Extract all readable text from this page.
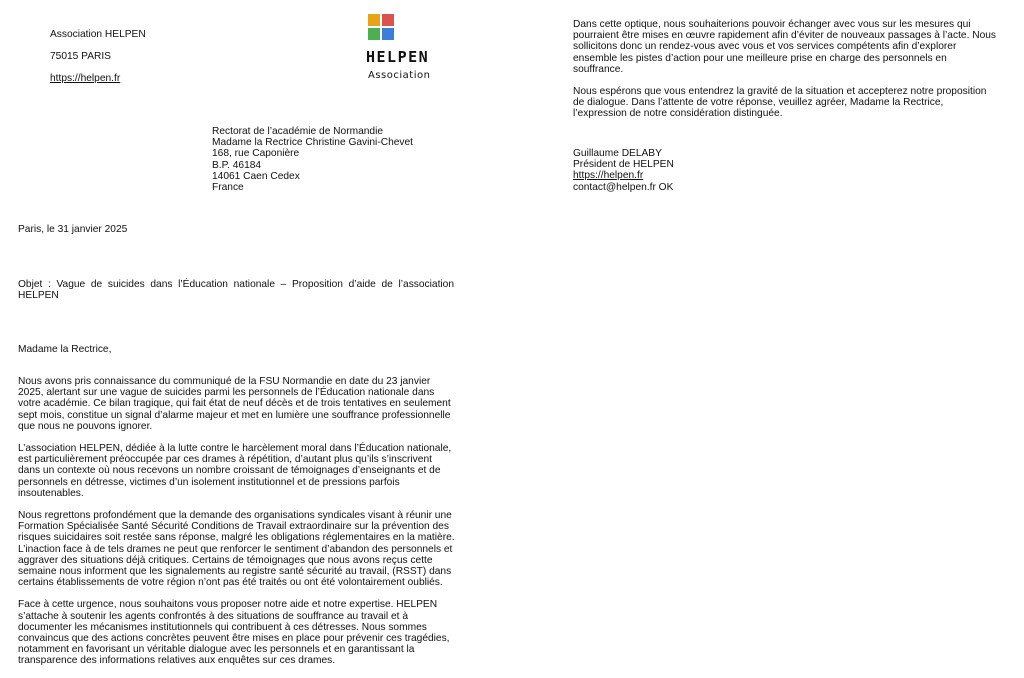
Association HELPEN
75015 PARIS
https://helpen.fr
HELPEN
Association
Rectorat de l’académie de Normandie
Madame la Rectrice Christine Gavini-Chevet
168, rue Caponière
B.P. 46184
14061 Caen Cedex
France
Paris, le 31 janvier 2025
Objet : Vague de suicides dans l’Éducation nationale – Proposition d’aide de l’association HELPEN
Madame la Rectrice,

Nous avons pris connaissance du communiqué de la FSU Normandie en date du 23 janvier 2025, alertant sur une vague de suicides parmi les personnels de l’Éducation nationale dans votre académie. Ce bilan tragique, qui fait état de neuf décès et de trois tentatives en seulement sept mois, constitue un signal d’alarme majeur et met en lumière une souffrance professionnelle que nous ne pouvons ignorer.

L’association HELPEN, dédiée à la lutte contre le harcèlement moral dans l’Éducation nationale, est particulièrement préoccupée par ces drames à répétition, d’autant plus qu’ils s’inscrivent dans un contexte où nous recevons un nombre croissant de témoignages d’enseignants et de personnels en détresse, victimes d’un isolement institutionnel et de pressions parfois insoutenables.

Nous regrettons profondément que la demande des organisations syndicales visant à réunir une Formation Spécialisée Santé Sécurité Conditions de Travail extraordinaire sur la prévention des risques suicidaires soit restée sans réponse, malgré les obligations réglementaires en la matière. L’inaction face à de tels drames ne peut que renforcer le sentiment d’abandon des personnels et aggraver des situations déjà critiques. Certains de témoignages que nous avons reçus cette semaine nous informent que les signalements au registre santé sécurité au travail, (RSST) dans certains établissements de votre région n’ont pas été traités ou ont été volontairement oubliés.

Face à cette urgence, nous souhaitons vous proposer notre aide et notre expertise. HELPEN s’attache à soutenir les agents confrontés à des situations de souffrance au travail et à documenter les mécanismes institutionnels qui contribuent à ces détresses. Nous sommes convaincus que des actions concrètes peuvent être mises en place pour prévenir ces tragédies, notamment en favorisant un véritable dialogue avec les personnels et en garantissant la transparence des informations relatives aux enquêtes sur ces drames.

Dans cette optique, nous souhaiterions pouvoir échanger avec vous sur les mesures qui pourraient être mises en œuvre rapidement afin d’éviter de nouveaux passages à l’acte. Nous sollicitons donc un rendez-vous avec vous et vos services compétents afin d’explorer ensemble les pistes d’action pour une meilleure prise en charge des personnels en souffrance.

Nous espérons que vous entendrez la gravité de la situation et accepterez notre proposition de dialogue. Dans l’attente de votre réponse, veuillez agréer, Madame la Rectrice, l’expression de notre considération distinguée.

Guillaume DELABY
Président de HELPEN
https://helpen.fr
contact@helpen.fr OK
